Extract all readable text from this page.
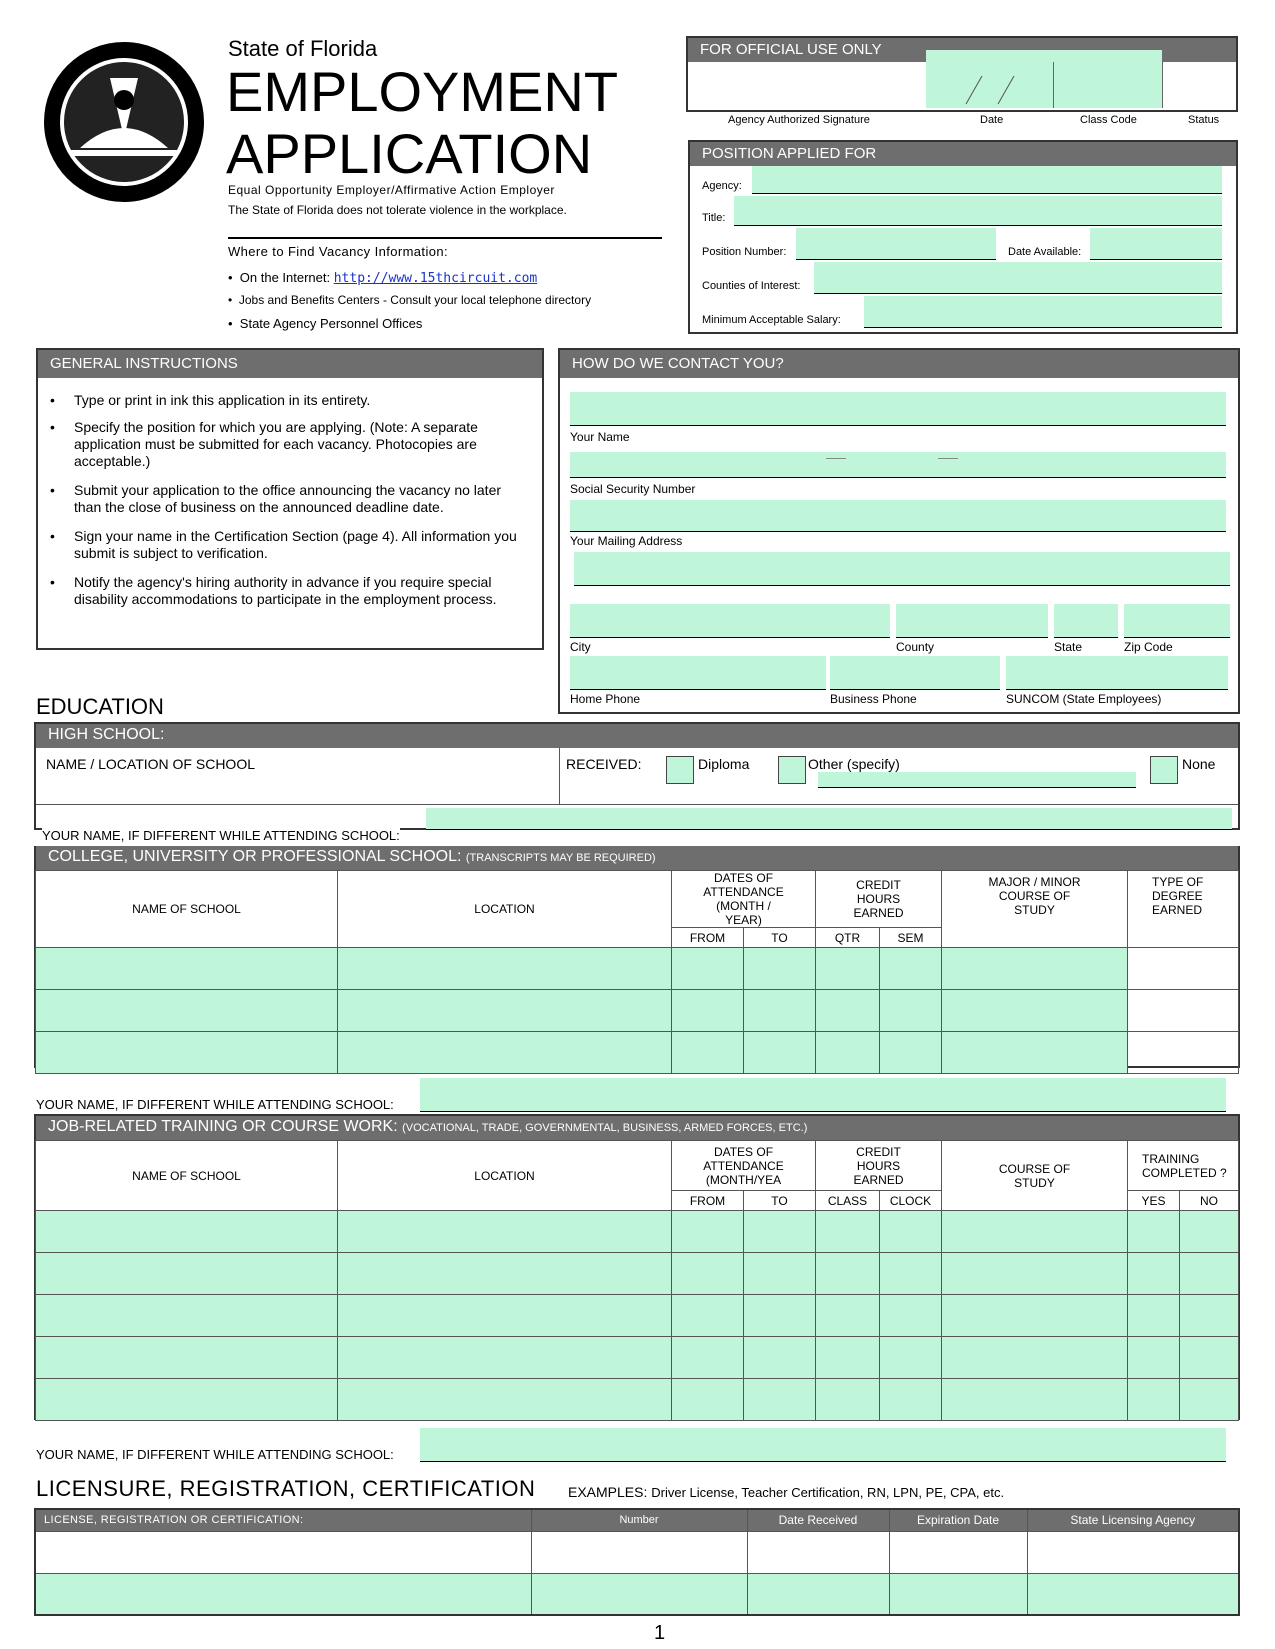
State of Florida
EMPLOYMENT
APPLICATION
Equal Opportunity Employer/Affirmative Action Employer
The State of Florida does not tolerate violence in the workplace.
Where to Find Vacancy Information:
•  On the Internet: http://www.15thcircuit.com
•  Jobs and Benefits Centers - Consult your local telephone directory
•  State Agency Personnel Offices
FOR OFFICIAL USE ONLY
Agency Authorized Signature	Date	Class Code	Status
POSITION APPLIED FOR
Agency:
Title:
Position Number:	Date Available:
Counties of Interest:
Minimum Acceptable Salary:
GENERAL INSTRUCTIONS
•	Type or print in ink this application in its entirety.
•	Specify the position for which you are applying. (Note: A separate application must be submitted for each vacancy. Photocopies are acceptable.)
•	Submit your application to the office announcing the vacancy no later than the close of business on the announced deadline date.
•	Sign your name in the Certification Section (page 4). All information you submit is subject to verification.
•	Notify the agency's hiring authority in advance if you require special disability accommodations to participate in the employment process.
HOW DO WE CONTACT YOU?
Your Name
Social Security Number
Your Mailing Address
City	County	State	Zip Code
Home Phone	Business Phone	SUNCOM (State Employees)
EDUCATION
HIGH SCHOOL:
NAME / LOCATION OF SCHOOL	RECEIVED:	Diploma	Other (specify)	None
YOUR NAME, IF DIFFERENT WHILE ATTENDING SCHOOL:
COLLEGE, UNIVERSITY OR PROFESSIONAL SCHOOL: (TRANSCRIPTS MAY BE REQUIRED)
NAME OF SCHOOL	LOCATION	DATES OF ATTENDANCE (MONTH / YEAR)		CREDIT HOURS EARNED		MAJOR / MINOR COURSE OF STUDY	TYPE OF DEGREE EARNED
		FROM	TO	QTR	SEM		

YOUR NAME, IF DIFFERENT WHILE ATTENDING SCHOOL:
JOB-RELATED TRAINING OR COURSE WORK: (VOCATIONAL, TRADE, GOVERNMENTAL, BUSINESS, ARMED FORCES, ETC.)
NAME OF SCHOOL	LOCATION	DATES OF ATTENDANCE (MONTH/YEA		CREDIT HOURS EARNED		COURSE OF STUDY	TRAINING COMPLETED ?	
		FROM	TO	CLASS	CLOCK		YES	NO

YOUR NAME, IF DIFFERENT WHILE ATTENDING SCHOOL:
LICENSURE, REGISTRATION, CERTIFICATION EXAMPLES: Driver License, Teacher Certification, RN, LPN, PE, CPA, etc.
LICENSE, REGISTRATION OR CERTIFICATION:	Number	Date Received	Expiration Date	State Licensing Agency

1
